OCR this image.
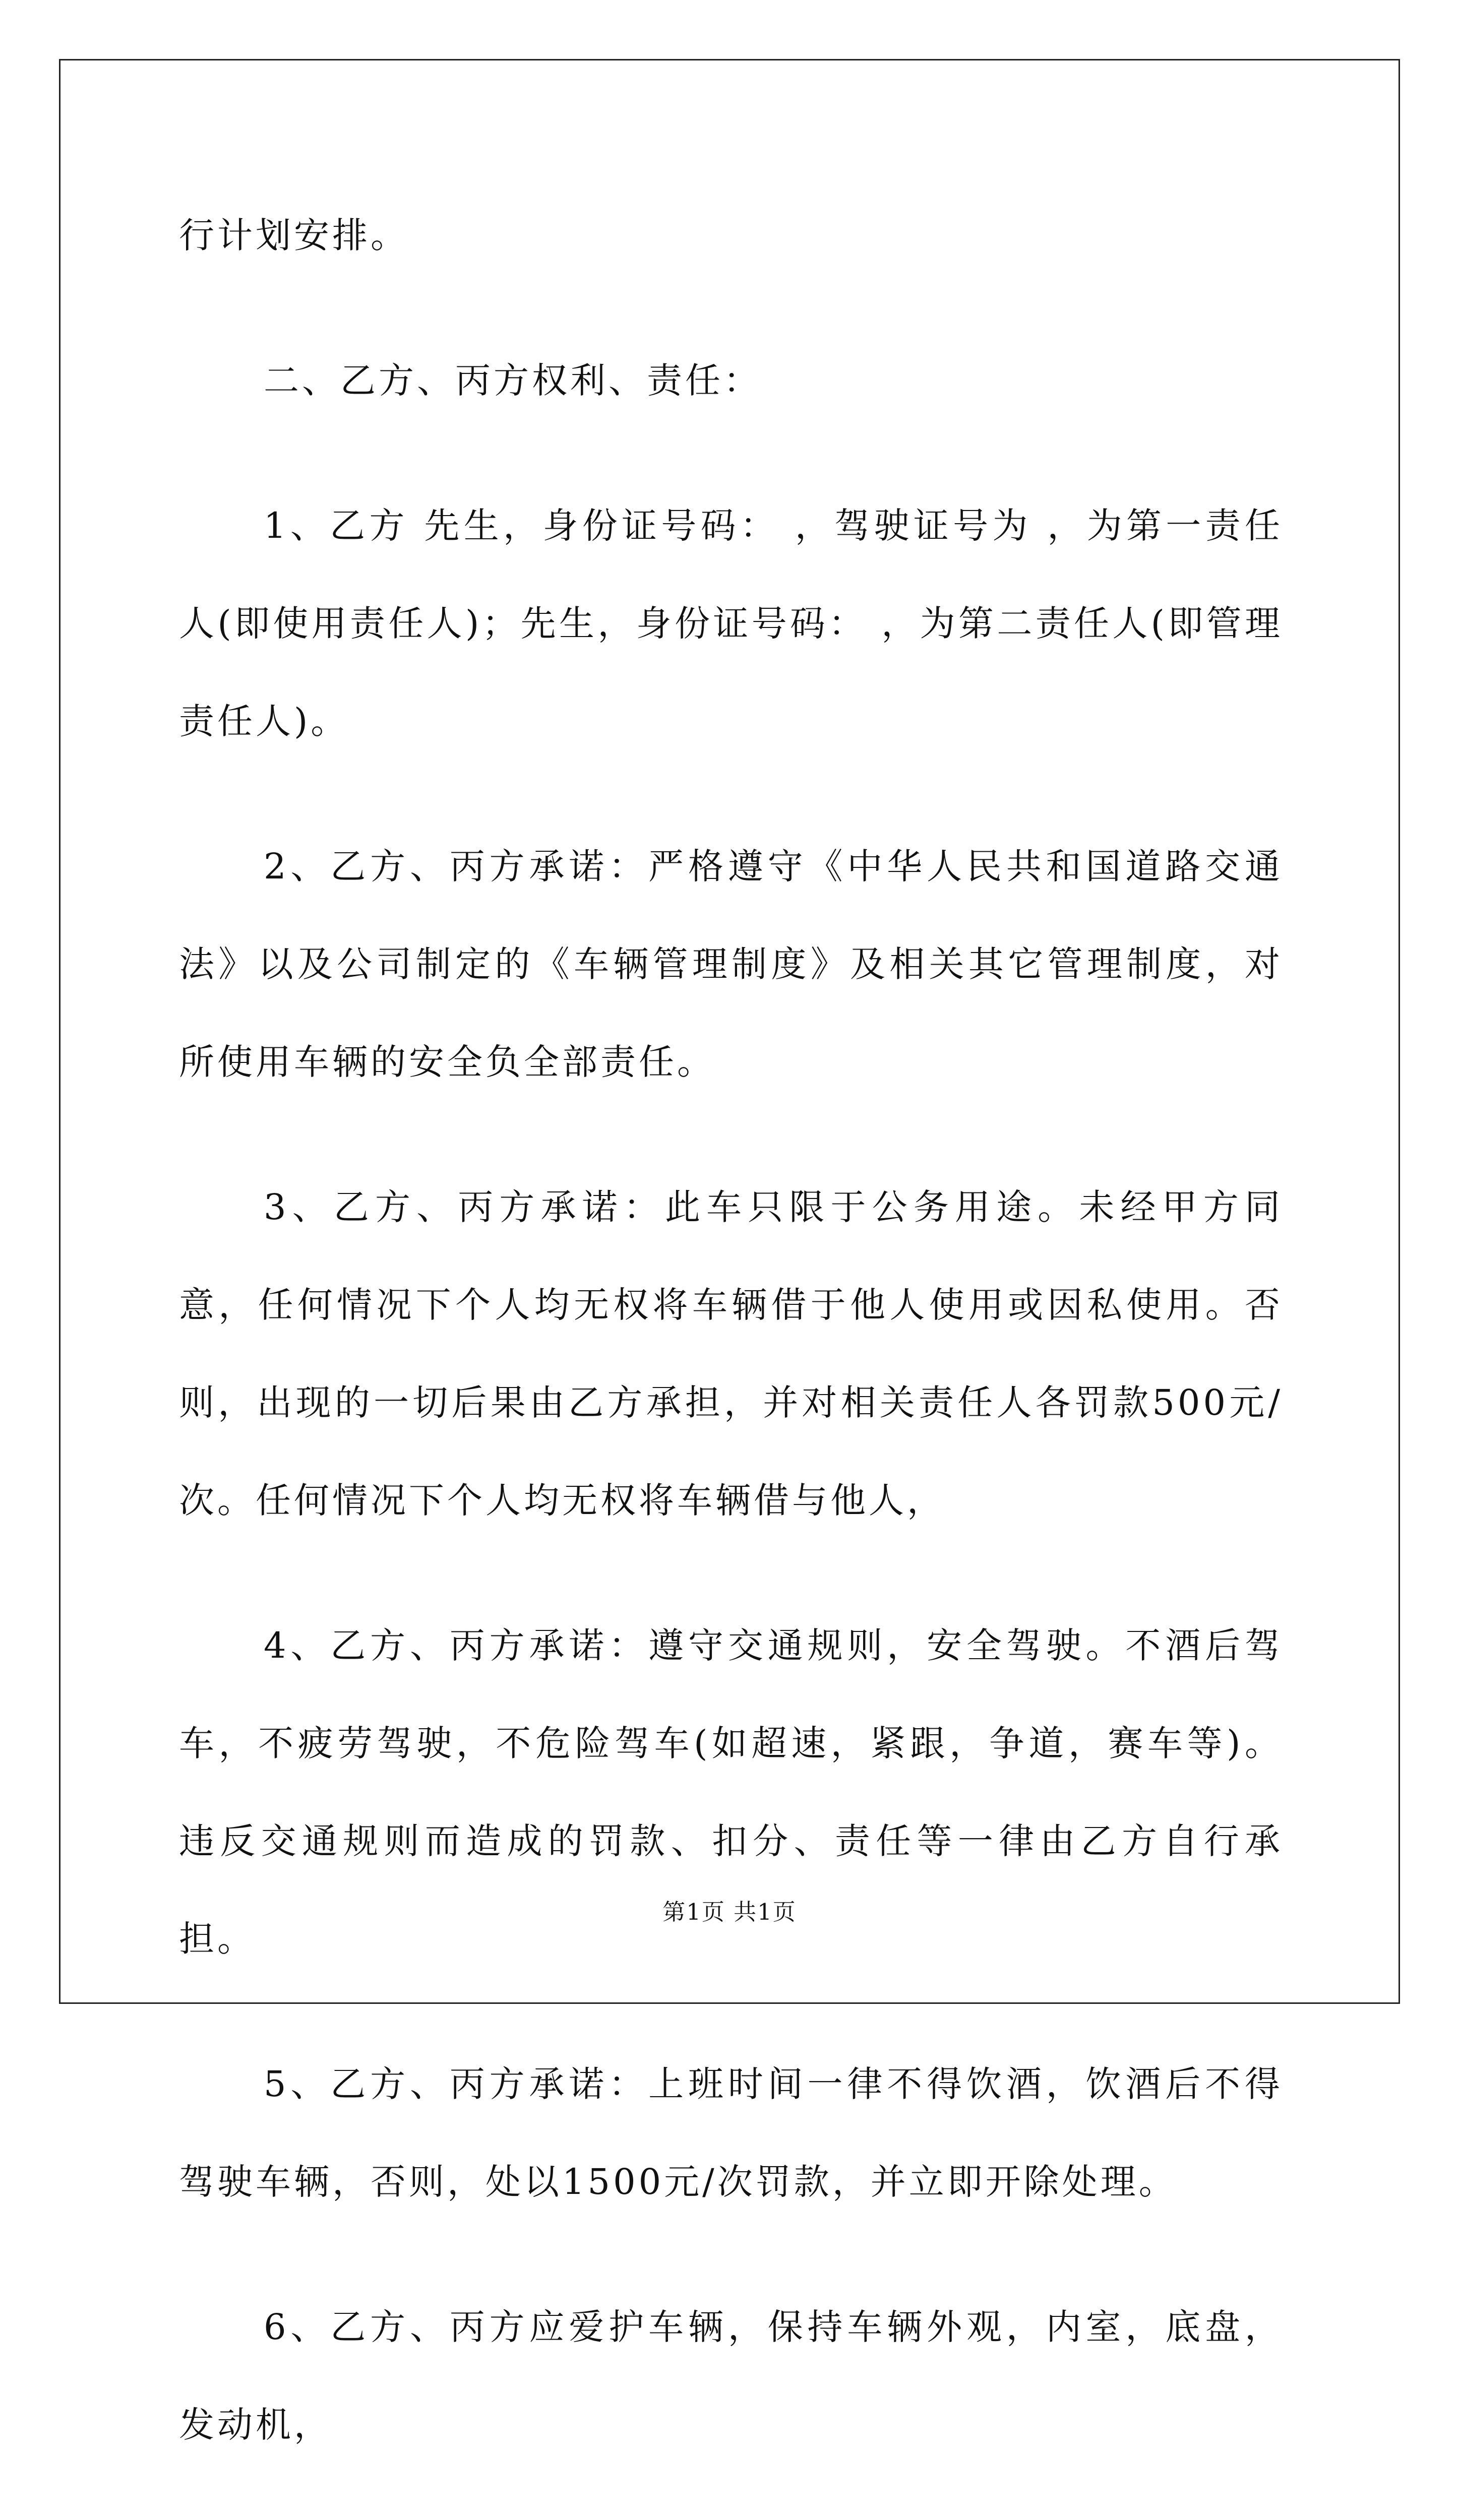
行计划安排。

二、乙方、丙方权利、责任：

1、乙方 先生，身份证号码： ，驾驶证号为 ，为第一责任人(即使用责任人)；先生，身份证号码： ，为第二责任人(即管理责任人)。

2、乙方、丙方承诺：严格遵守《中华人民共和国道路交通法》以及公司制定的《车辆管理制度》及相关其它管理制度，对所使用车辆的安全负全部责任。

3、乙方、丙方承诺：此车只限于公务用途。未经甲方同意，任何情况下个人均无权将车辆借于他人使用或因私使用。否则，出现的一切后果由乙方承担，并对相关责任人各罚款500元/次。任何情况下个人均无权将车辆借与他人，

4、乙方、丙方承诺：遵守交通规则，安全驾驶。不酒后驾车，不疲劳驾驶，不危险驾车(如超速，紧跟，争道，赛车等)。违反交通规则而造成的罚款、扣分、责任等一律由乙方自行承担。

5、乙方、丙方承诺：上班时间一律不得饮酒，饮酒后不得驾驶车辆，否则，处以1500元/次罚款，并立即开除处理。

6、乙方、丙方应爱护车辆，保持车辆外观，内室，底盘，发动机，

第1页 共1页
